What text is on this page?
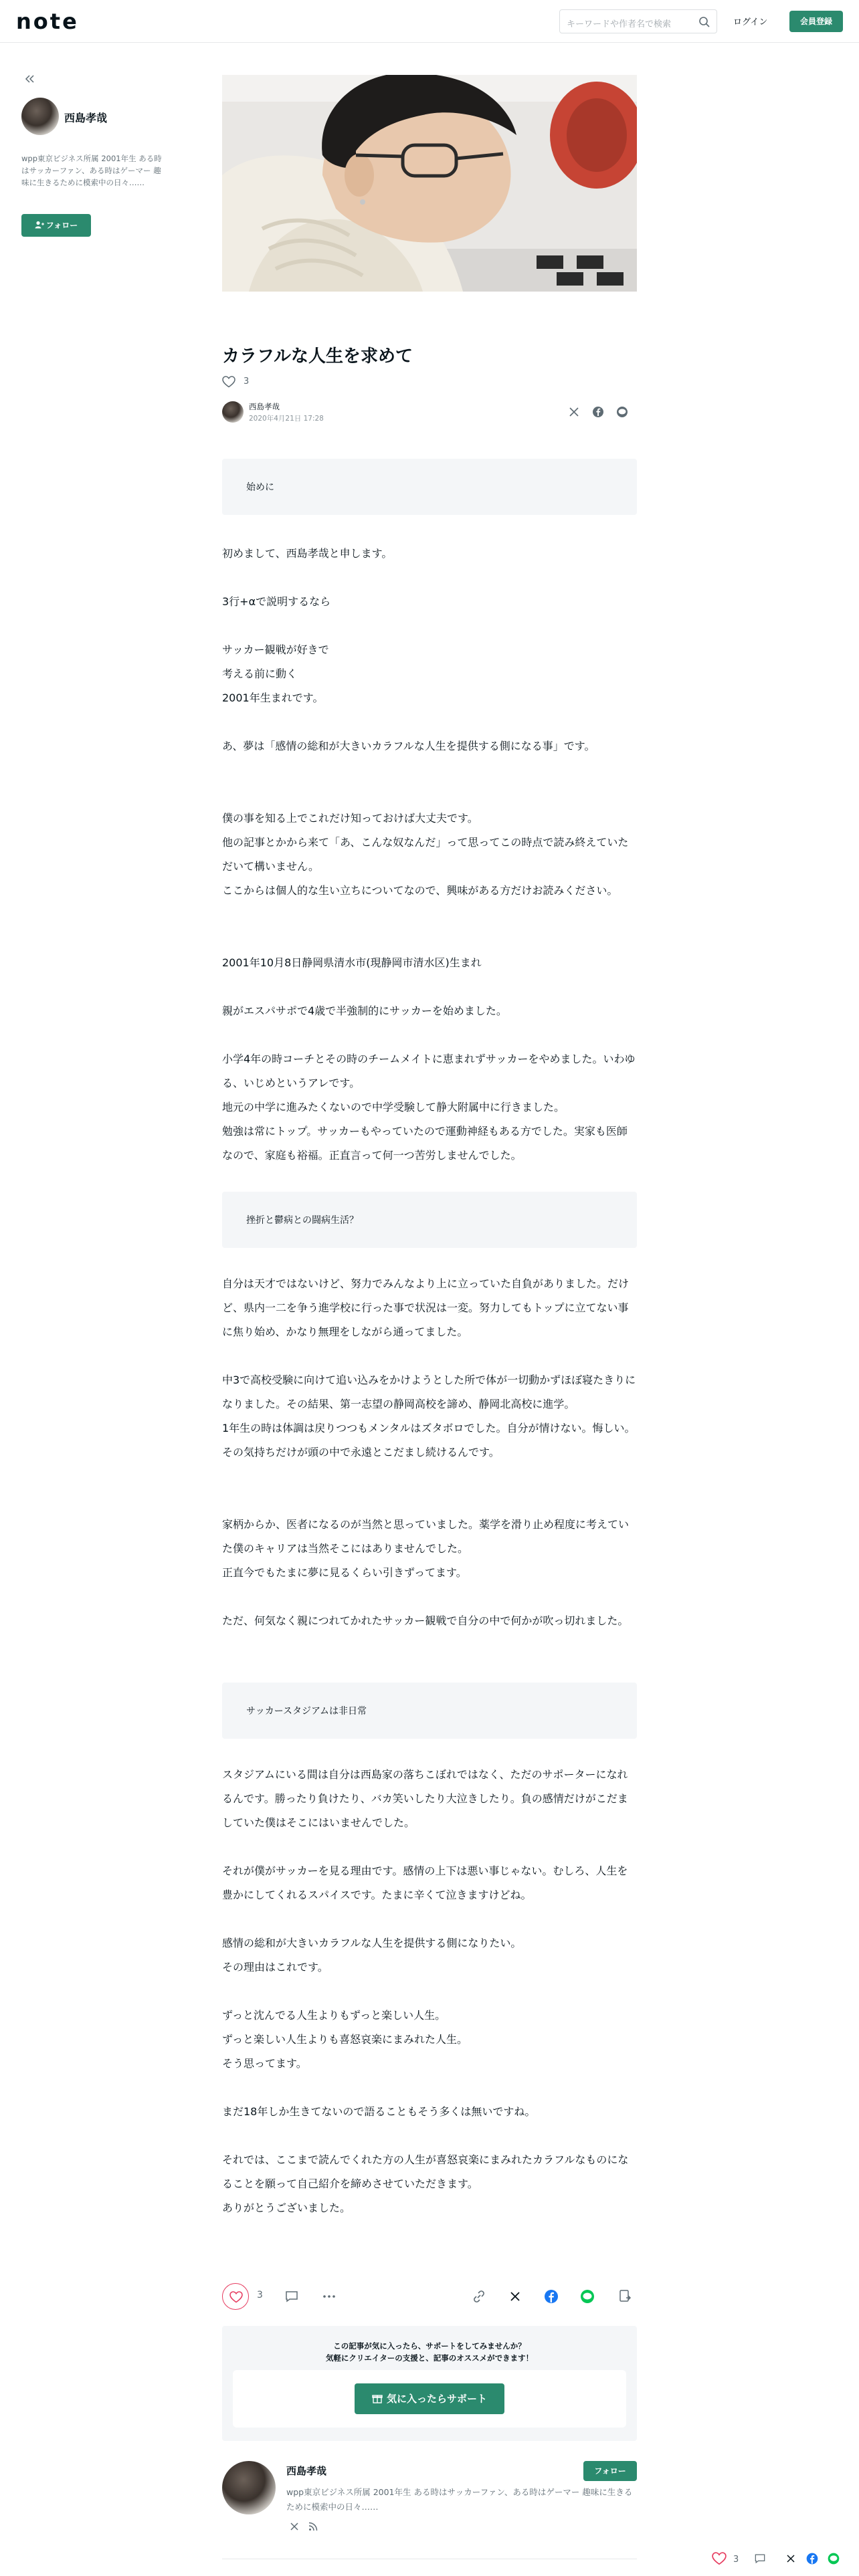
note	キーワードや作者名で検索	ログイン	会員登録
西島孝哉
wpp東京ビジネス所属 2001年生 ある時はサッカーファン、ある時はゲーマー 趣味に生きるために模索中の日々……
フォロー
カラフルな人生を求めて
3
西島孝哉
2020年4月21日 17:28
始めに
初めまして、西島孝哉と申します。
3行+αで説明するなら
サッカー観戦が好きで
考える前に動く
2001年生まれです。
あ、夢は「感情の総和が大きいカラフルな人生を提供する側になる事」です。
僕の事を知る上でこれだけ知っておけば大丈夫です。
他の記事とかから来て「あ、こんな奴なんだ」って思ってこの時点で読み終えていただいて構いません。
ここからは個人的な生い立ちについてなので、興味がある方だけお読みください。
2001年10月8日静岡県清水市(現静岡市清水区)生まれ
親がエスパサポで4歳で半強制的にサッカーを始めました。
小学4年の時コーチとその時のチームメイトに恵まれずサッカーをやめました。いわゆる、いじめというアレです。
地元の中学に進みたくないので中学受験して静大附属中に行きました。
勉強は常にトップ。サッカーもやっていたので運動神経もある方でした。実家も医師なので、家庭も裕福。正直言って何一つ苦労しませんでした。
挫折と鬱病との闘病生活？
自分は天才ではないけど、努力でみんなより上に立っていた自負がありました。だけど、県内一二を争う進学校に行った事で状況は一変。努力してもトップに立てない事に焦り始め、かなり無理をしながら通ってました。
中3で高校受験に向けて追い込みをかけようとした所で体が一切動かずほぼ寝たきりになりました。その結果、第一志望の静岡高校を諦め、静岡北高校に進学。
1年生の時は体調は戻りつつもメンタルはズタボロでした。自分が情けない。悔しい。その気持ちだけが頭の中で永遠とこだまし続けるんです。
家柄からか、医者になるのが当然と思っていました。薬学を滑り止め程度に考えていた僕のキャリアは当然そこにはありませんでした。
正直今でもたまに夢に見るくらい引きずってます。
ただ、何気なく親につれてかれたサッカー観戦で自分の中で何かが吹っ切れました。
サッカースタジアムは非日常
スタジアムにいる間は自分は西島家の落ちこぼれではなく、ただのサポーターになれるんです。勝ったり負けたり、バカ笑いしたり大泣きしたり。負の感情だけがこだましていた僕はそこにはいませんでした。
それが僕がサッカーを見る理由です。感情の上下は悪い事じゃない。むしろ、人生を豊かにしてくれるスパイスです。たまに辛くて泣きますけどね。
感情の総和が大きいカラフルな人生を提供する側になりたい。
その理由はこれです。
ずっと沈んでる人生よりもずっと楽しい人生。
ずっと楽しい人生よりも喜怒哀楽にまみれた人生。
そう思ってます。
まだ18年しか生きてないので語ることもそう多くは無いですね。
それでは、ここまで読んでくれた方の人生が喜怒哀楽にまみれたカラフルなものになることを願って自己紹介を締めさせていただきます。
ありがとうございました。
3
この記事が気に入ったら、サポートをしてみませんか？
気軽にクリエイターの支援と、記事のオススメができます！
気に入ったらサポート
西島孝哉	フォロー
wpp東京ビジネス所属 2001年生 ある時はサッカーファン、ある時はゲーマー 趣味に生きるために模索中の日々……
3
